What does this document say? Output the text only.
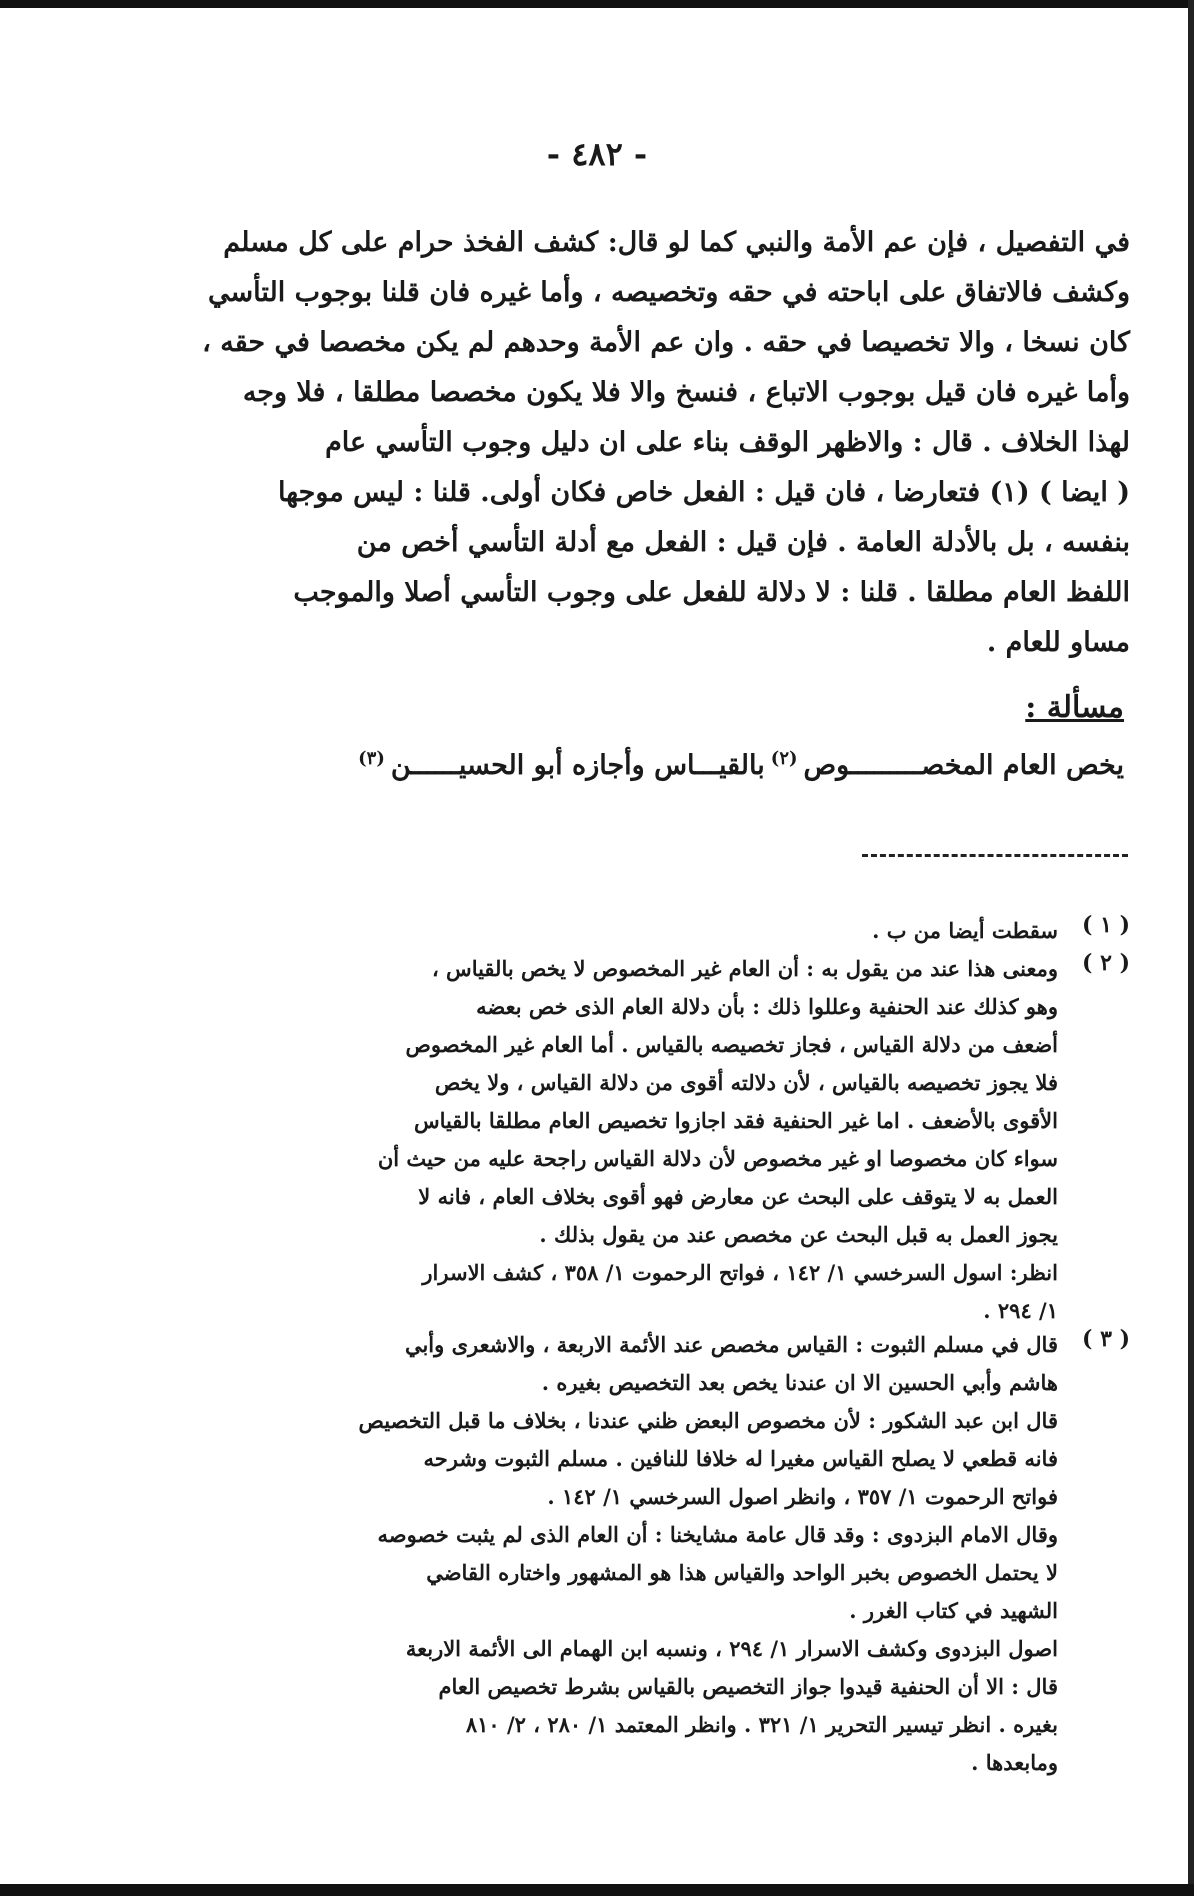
- ٤٨٢ -
في التفصيل ، فإن عم الأمة والنبي كما لو قال: كشف الفخذ حرام على كل مسلم
وكشف فالاتفاق على اباحته في حقه وتخصيصه ، وأما غيره فان قلنا بوجوب التأسي
كان نسخا ، والا تخصيصا في حقه . وان عم الأمة وحدهم لم يكن مخصصا في حقه ،
وأما غيره فان قيل بوجوب الاتباع ، فنسخ والا فلا يكون مخصصا مطلقا ، فلا وجه
لهذا الخلاف . قال : والاظهر الوقف بناء على ان دليل وجوب التأسي عام
( ايضا ) (١) فتعارضا ، فان قيل : الفعل خاص فكان أولى. قلنا : ليس موجها
بنفسه ، بل بالأدلة العامة . فإن قيل : الفعل مع أدلة التأسي أخص من
اللفظ العام مطلقا . قلنا : لا دلالة للفعل على وجوب التأسي أصلا والموجب
مساو للعام .
مسألة :
يخص العام المخصـــــــــوص$^{(٢)}$بالقيـــاس وأجازه أبو الحسيــــــن$^{(٣)}$
( ١ )
سقطت أيضا من ب .
( ٢ )
ومعنى هذا عند من يقول به : أن العام غير المخصوص لا يخص بالقياس ،
وهو كذلك عند الحنفية وعللوا ذلك : بأن دلالة العام الذى خص بعضه
أضعف من دلالة القياس ، فجاز تخصيصه بالقياس . أما العام غير المخصوص
فلا يجوز تخصيصه بالقياس ، لأن دلالته أقوى من دلالة القياس ، ولا يخص
الأقوى بالأضعف . اما غير الحنفية فقد اجازوا تخصيص العام مطلقا بالقياس
سواء كان مخصوصا او غير مخصوص لأن دلالة القياس راجحة عليه من حيث أن
العمل به لا يتوقف على البحث عن معارض فهو أقوى بخلاف العام ، فانه لا
يجوز العمل به قبل البحث عن مخصص عند من يقول بذلك .
انظر: اسول السرخسي ١/ ١٤٢ ، فواتح الرحموت ١/ ٣٥٨ ، كشف الاسرار
١/ ٢٩٤ .
( ٣ )
قال في مسلم الثبوت : القياس مخصص عند الأئمة الاربعة ، والاشعرى وأبي
هاشم وأبي الحسين الا ان عندنا يخص بعد التخصيص بغيره .
قال ابن عبد الشكور : لأن مخصوص البعض ظني عندنا ، بخلاف ما قبل التخصيص
فانه قطعي لا يصلح القياس مغيرا له خلافا للنافين . مسلم الثبوت وشرحه
فواتح الرحموت ١/ ٣٥٧ ، وانظر اصول السرخسي ١/ ١٤٢ .
وقال الامام البزدوى : وقد قال عامة مشايخنا : أن العام الذى لم يثبت خصوصه
لا يحتمل الخصوص بخبر الواحد والقياس هذا هو المشهور واختاره القاضي
الشهيد في كتاب الغرر .
اصول البزدوى وكشف الاسرار ١/ ٢٩٤ ، ونسبه ابن الهمام الى الأئمة الاربعة
قال : الا أن الحنفية قيدوا جواز التخصيص بالقياس بشرط تخصيص العام
بغيره . انظر تيسير التحرير ١/ ٣٢١ . وانظر المعتمد ١/ ٢٨٠ ، ٢/ ٨١٠
ومابعدها .
